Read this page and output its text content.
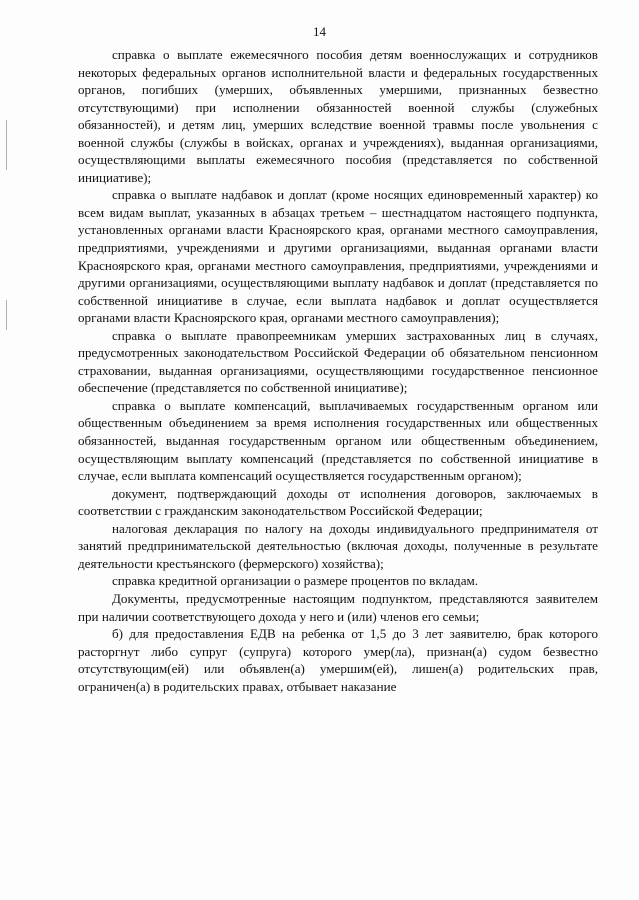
14

справка о выплате ежемесячного пособия детям военнослужащих и сотрудников некоторых федеральных органов исполнительной власти и федеральных государственных органов, погибших (умерших, объявленных умершими, признанных безвестно отсутствующими) при исполнении обязанностей военной службы (служебных обязанностей), и детям лиц, умерших вследствие военной травмы после увольнения с военной службы (службы в войсках, органах и учреждениях), выданная организациями, осуществляющими выплаты ежемесячного пособия (представляется по собственной инициативе);

справка о выплате надбавок и доплат (кроме носящих единовременный характер) ко всем видам выплат, указанных в абзацах третьем – шестнадцатом настоящего подпункта, установленных органами власти Красноярского края, органами местного самоуправления, предприятиями, учреждениями и другими организациями, выданная органами власти Красноярского края, органами местного самоуправления, предприятиями, учреждениями и другими организациями, осуществляющими выплату надбавок и доплат (представляется по собственной инициативе в случае, если выплата надбавок и доплат осуществляется органами власти Красноярского края, органами местного самоуправления);

справка о выплате правопреемникам умерших застрахованных лиц в случаях, предусмотренных законодательством Российской Федерации об обязательном пенсионном страховании, выданная организациями, осуществляющими государственное пенсионное обеспечение (представляется по собственной инициативе);

справка о выплате компенсаций, выплачиваемых государственным органом или общественным объединением за время исполнения государственных или общественных обязанностей, выданная государственным органом или общественным объединением, осуществляющим выплату компенсаций (представляется по собственной инициативе в случае, если выплата компенсаций осуществляется государственным органом);

документ, подтверждающий доходы от исполнения договоров, заключаемых в соответствии с гражданским законодательством Российской Федерации;

налоговая декларация по налогу на доходы индивидуального предпринимателя от занятий предпринимательской деятельностью (включая доходы, полученные в результате деятельности крестьянского (фермерского) хозяйства);

справка кредитной организации о размере процентов по вкладам.

Документы, предусмотренные настоящим подпунктом, представляются заявителем при наличии соответствующего дохода у него и (или) членов его семьи;

б) для предоставления ЕДВ на ребенка от 1,5 до 3 лет заявителю, брак которого расторгнут либо супруг (супруга) которого умер(ла), признан(а) судом безвестно отсутствующим(ей) или объявлен(а) умершим(ей), лишен(а) родительских прав, ограничен(а) в родительских правах, отбывает наказание
